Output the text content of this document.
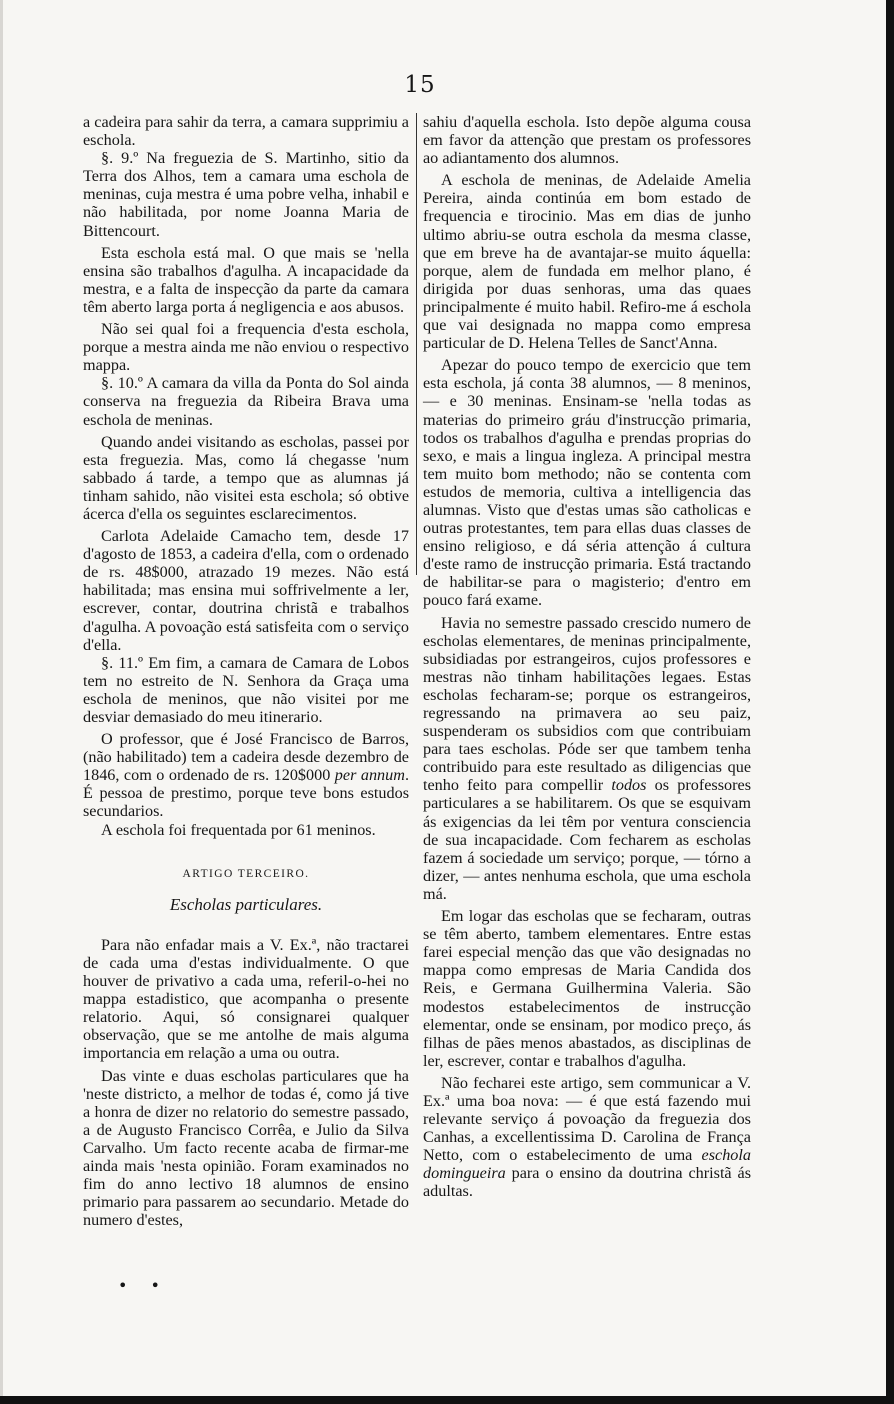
15

a cadeira para sahir da terra, a camara supprimiu a eschola.

§. 9.º Na freguezia de S. Martinho, sitio da Terra dos Alhos, tem a camara uma eschola de meninas, cuja mestra é uma pobre velha, inhabil e não habilitada, por nome Joanna Maria de Bittencourt.

Esta eschola está mal. O que mais se 'nella ensina são trabalhos d'agulha. A incapacidade da mestra, e a falta de inspecção da parte da camara têm aberto larga porta á negligencia e aos abusos.

Não sei qual foi a frequencia d'esta eschola, porque a mestra ainda me não enviou o respectivo mappa.

§. 10.º A camara da villa da Ponta do Sol ainda conserva na freguezia da Ribeira Brava uma eschola de meninas.

Quando andei visitando as escholas, passei por esta freguezia. Mas, como lá chegasse 'num sabbado á tarde, a tempo que as alumnas já tinham sahido, não visitei esta eschola; só obtive ácerca d'ella os seguintes esclarecimentos.

Carlota Adelaide Camacho tem, desde 17 d'agosto de 1853, a cadeira d'ella, com o ordenado de rs. 48$000, atrazado 19 mezes. Não está habilitada; mas ensina mui soffrivelmente a ler, escrever, contar, doutrina christã e trabalhos d'agulha. A povoação está satisfeita com o serviço d'ella.

§. 11.º Em fim, a camara de Camara de Lobos tem no estreito de N. Senhora da Graça uma eschola de meninos, que não visitei por me desviar demasiado do meu itinerario.

O professor, que é José Francisco de Barros, (não habilitado) tem a cadeira desde dezembro de 1846, com o ordenado de rs. 120$000 per annum. É pessoa de prestimo, porque teve bons estudos secundarios.

A eschola foi frequentada por 61 meninos.

ARTIGO TERCEIRO.
Escholas particulares.

Para não enfadar mais a V. Ex.ª, não tractarei de cada uma d'estas individualmente. O que houver de privativo a cada uma, referil-o-hei no mappa estadistico, que acompanha o presente relatorio. Aqui, só consignarei qualquer observação, que se me antolhe de mais alguma importancia em relação a uma ou outra.

Das vinte e duas escholas particulares que ha 'neste districto, a melhor de todas é, como já tive a honra de dizer no relatorio do semestre passado, a de Augusto Francisco Corrêa, e Julio da Silva Carvalho. Um facto recente acaba de firmar-me ainda mais 'nesta opinião. Foram examinados no fim do anno lectivo 18 alumnos de ensino primario para passarem ao secundario. Metade do numero d'estes,

sahiu d'aquella eschola. Isto depõe alguma cousa em favor da attenção que prestam os professores ao adiantamento dos alumnos.

A eschola de meninas, de Adelaide Amelia Pereira, ainda continúa em bom estado de frequencia e tirocinio. Mas em dias de junho ultimo abriu-se outra eschola da mesma classe, que em breve ha de avantajar-se muito áquella: porque, alem de fundada em melhor plano, é dirigida por duas senhoras, uma das quaes principalmente é muito habil. Refiro-me á eschola que vai designada no mappa como empresa particular de D. Helena Telles de Sanct'Anna.

Apezar do pouco tempo de exercicio que tem esta eschola, já conta 38 alumnos, — 8 meninos, — e 30 meninas. Ensinam-se 'nella todas as materias do primeiro gráu d'instrucção primaria, todos os trabalhos d'agulha e prendas proprias do sexo, e mais a lingua ingleza. A principal mestra tem muito bom methodo; não se contenta com estudos de memoria, cultiva a intelligencia das alumnas. Visto que d'estas umas são catholicas e outras protestantes, tem para ellas duas classes de ensino religioso, e dá séria attenção á cultura d'este ramo de instrucção primaria. Está tractando de habilitar-se para o magisterio; d'entro em pouco fará exame.

Havia no semestre passado crescido numero de escholas elementares, de meninas principalmente, subsidiadas por estrangeiros, cujos professores e mestras não tinham habilitações legaes. Estas escholas fecharam-se; porque os estrangeiros, regressando na primavera ao seu paiz, suspenderam os subsidios com que contribuiam para taes escholas. Póde ser que tambem tenha contribuido para este resultado as diligencias que tenho feito para compellir todos os professores particulares a se habilitarem. Os que se esquivam ás exigencias da lei têm por ventura consciencia de sua incapacidade. Com fecharem as escholas fazem á sociedade um serviço; porque, — tórno a dizer, — antes nenhuma eschola, que uma eschola má.

Em logar das escholas que se fecharam, outras se têm aberto, tambem elementares. Entre estas farei especial menção das que vão designadas no mappa como empresas de Maria Candida dos Reis, e Germana Guilhermina Valeria. São modestos estabelecimentos de instrucção elementar, onde se ensinam, por modico preço, ás filhas de pães menos abastados, as disciplinas de ler, escrever, contar e trabalhos d'agulha.

Não fecharei este artigo, sem communicar a V. Ex.ª uma boa nova: — é que está fazendo mui relevante serviço á povoação da freguezia dos Canhas, a excellentissima D. Carolina de França Netto, com o estabelecimento de uma eschola domingueira para o ensino da doutrina christã ás adultas.

• •
